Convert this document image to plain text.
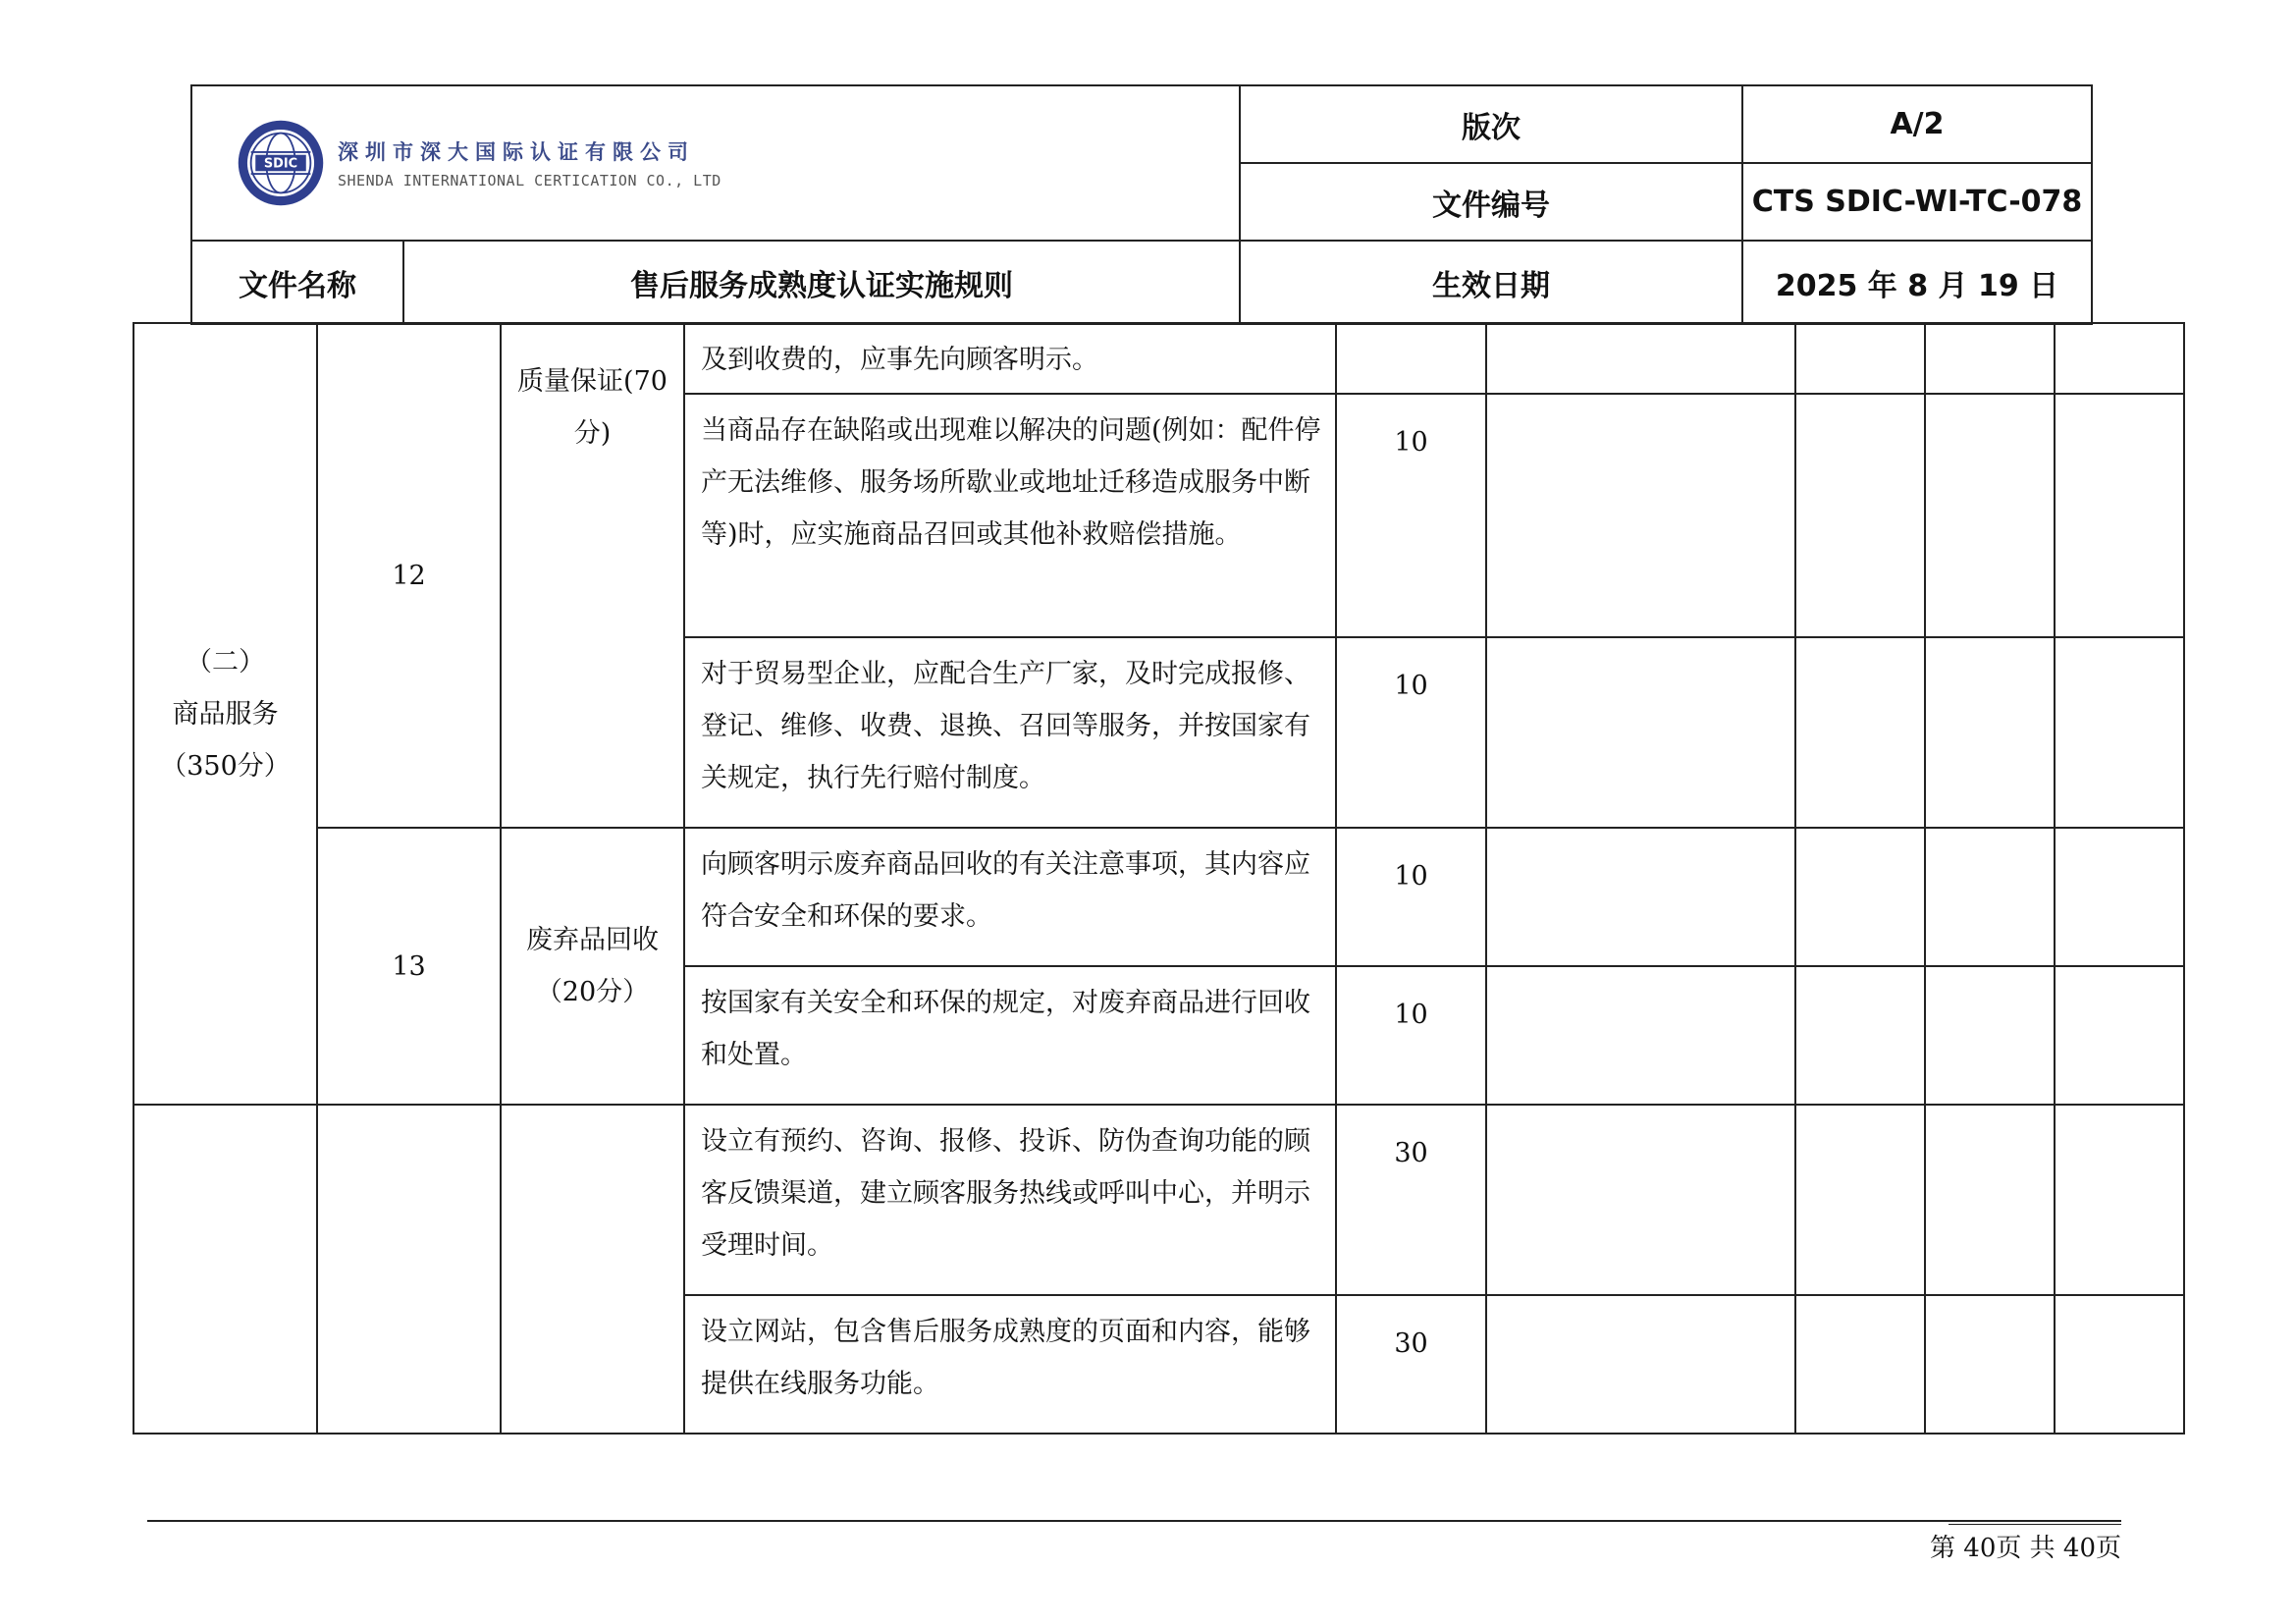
SDIC
深圳市深大国际认证有限公司
SHENDA INTERNATIONAL CERTICATION CO., LTD		版次	A/2
		文件编号	CTS SDIC-WI-TC-078
文件名称	售后服务成熟度认证实施规则	生效日期	2025 年 8 月 19 日
（二）
商品服务
（350分）	12	质量保证(70分)	及到收费的，应事先向顾客明示。					
			当商品存在缺陷或出现难以解决的问题(例如：配件停产无法维修、服务场所歇业或地址迁移造成服务中断等)时，应实施商品召回或其他补救赔偿措施。	10				
			对于贸易型企业，应配合生产厂家，及时完成报修、登记、维修、收费、退换、召回等服务，并按国家有关规定，执行先行赔付制度。	10				
	13	废弃品回收（20分）	向顾客明示废弃商品回收的有关注意事项，其内容应符合安全和环保的要求。	10				
			按国家有关安全和环保的规定，对废弃商品进行回收和处置。	10				
			设立有预约、咨询、报修、投诉、防伪查询功能的顾客反馈渠道，建立顾客服务热线或呼叫中心，并明示受理时间。	30				
			设立网站，包含售后服务成熟度的页面和内容，能够提供在线服务功能。	30				
第 40页 共 40页
